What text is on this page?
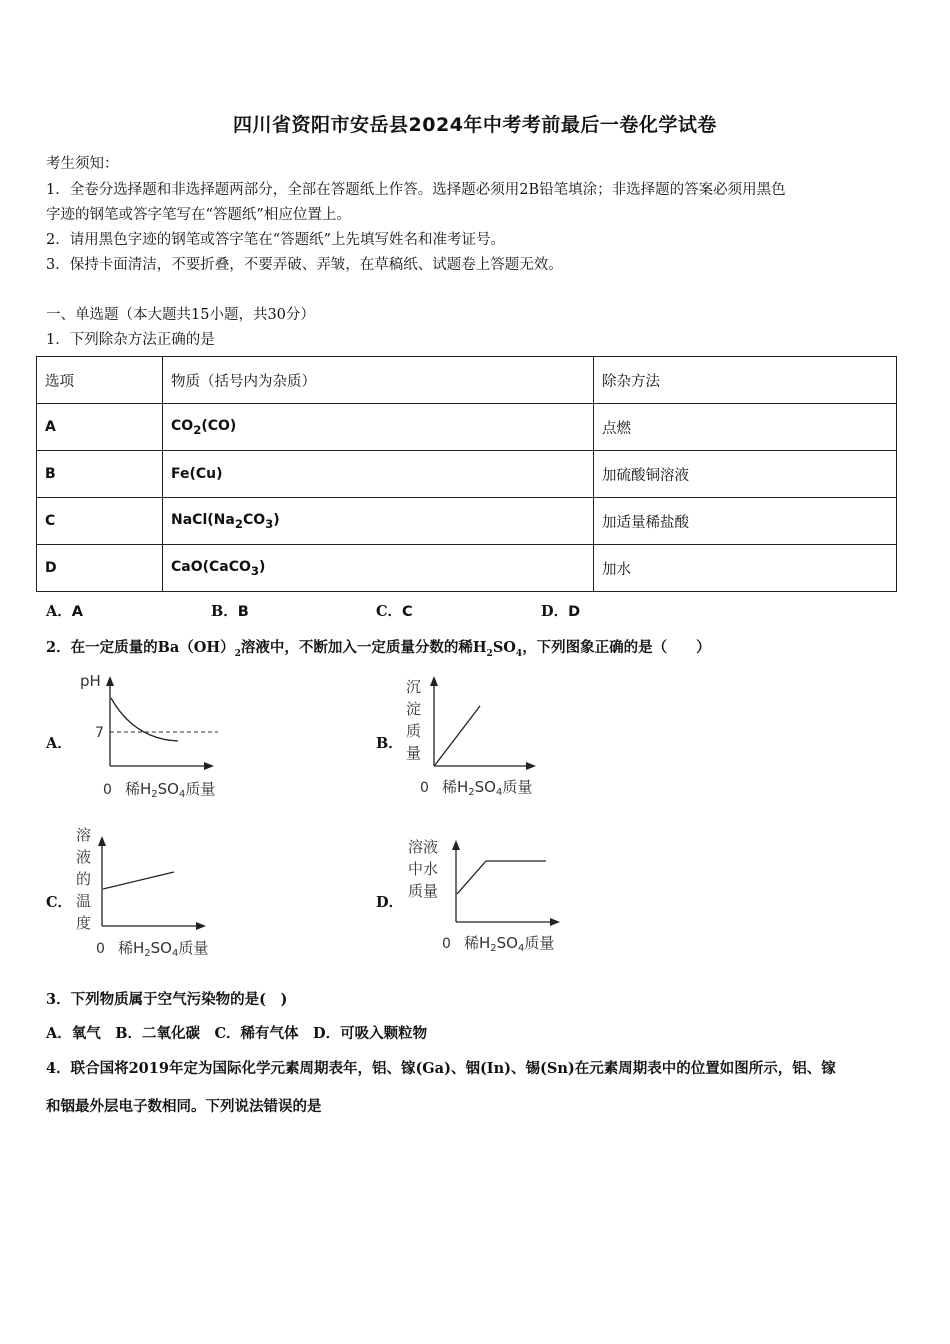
四川省资阳市安岳县2024年中考考前最后一卷化学试卷
考生须知：
1．全卷分选择题和非选择题两部分，全部在答题纸上作答。选择题必须用2B铅笔填涂；非选择题的答案必须用黑色
字迹的钢笔或答字笔写在“答题纸”相应位置上。
2．请用黑色字迹的钢笔或答字笔在“答题纸”上先填写姓名和准考证号。
3．保持卡面清洁，不要折叠，不要弄破、弄皱，在草稿纸、试题卷上答题无效。
一、单选题（本大题共15小题，共30分）
1．下列除杂方法正确的是
选项	物质（括号内为杂质）	除杂方法
A	$CO_2(CO)$	点燃
B	Fe(Cu)	加硫酸铜溶液
C	$NaCl(Na_2CO_3)$	加适量稀盐酸
D	CaO(CaCO$_3$)	加水
A．A	B．B	C．C	D．D
2．在一定质量的$Ba(OH)_2$溶液中，不断加入一定质量分数的稀$H_2SO_4$，下列图象正确的是（　　）
A．
pH
7
0 稀$H_2SO_4$质量
B．
沉
淀
质
量
0 稀$H_2SO_4$质量
C．
溶
液
的
温
度
0 稀$H_2SO_4$质量
D．
溶液
中水
质量
0 稀$H_2SO_4$质量
3．下列物质属于空气污染物的是(　)
A．氧气　B．二氧化碳　C．稀有气体　D．可吸入颗粒物
4．联合国将2019年定为国际化学元素周期表年，铝、镓(Ga)、铟(In)、锡(Sn)在元素周期表中的位置如图所示，铝、镓
和铟最外层电子数相同。下列说法错误的是
